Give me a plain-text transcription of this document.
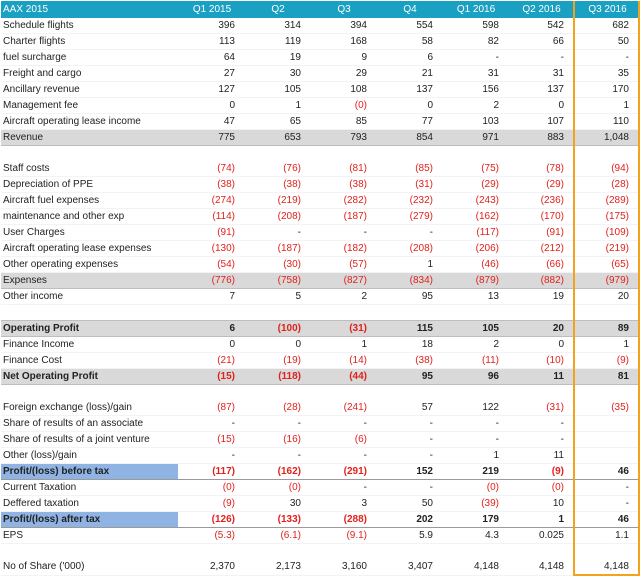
AAX 2015	Q1 2015	Q2	Q3	Q4	Q1 2016	Q2 2016	Q3 2016
Schedule flights	396	314	394	554	598	542	682
Charter flights	113	119	168	58	82	66	50
fuel surcharge	64	19	9	6	-	-	-
Freight and cargo	27	30	29	21	31	31	35
Ancillary revenue	127	105	108	137	156	137	170
Management fee	0	1	(0)	0	2	0	1
Aircraft operating lease income	47	65	85	77	103	107	110
Revenue	775	653	793	854	971	883	1,048

Staff costs	(74)	(76)	(81)	(85)	(75)	(78)	(94)
Depreciation of PPE	(38)	(38)	(38)	(31)	(29)	(29)	(28)
Aircraft fuel expenses	(274)	(219)	(282)	(232)	(243)	(236)	(289)
maintenance and other exp	(114)	(208)	(187)	(279)	(162)	(170)	(175)
User Charges	(91)	-	-	-	(117)	(91)	(109)
Aircraft operating lease expenses	(130)	(187)	(182)	(208)	(206)	(212)	(219)
Other operating expenses	(54)	(30)	(57)	1	(46)	(66)	(65)
Expenses	(776)	(758)	(827)	(834)	(879)	(882)	(979)
Other income	7	5	2	95	13	19	20

Operating Profit	6	(100)	(31)	115	105	20	89
Finance Income	0	0	1	18	2	0	1
Finance Cost	(21)	(19)	(14)	(38)	(11)	(10)	(9)
Net Operating Profit	(15)	(118)	(44)	95	96	11	81

Foreign exchange (loss)/gain	(87)	(28)	(241)	57	122	(31)	(35)
Share of results of an associate	-	-	-	-	-	-	
Share of results of a joint venture	(15)	(16)	(6)	-	-	-	
Other (loss)/gain	-	-	-	-	1	11	
Profit/(loss) before tax	(117)	(162)	(291)	152	219	(9)	46
Current Taxation	(0)	(0)	-	-	(0)	(0)	-
Deffered taxation	(9)	30	3	50	(39)	10	-
Profit/(loss) after tax	(126)	(133)	(288)	202	179	1	46
EPS	(5.3)	(6.1)	(9.1)	5.9	4.3	0.025	1.1

No of Share ('000)	2,370	2,173	3,160	3,407	4,148	4,148	4,148
